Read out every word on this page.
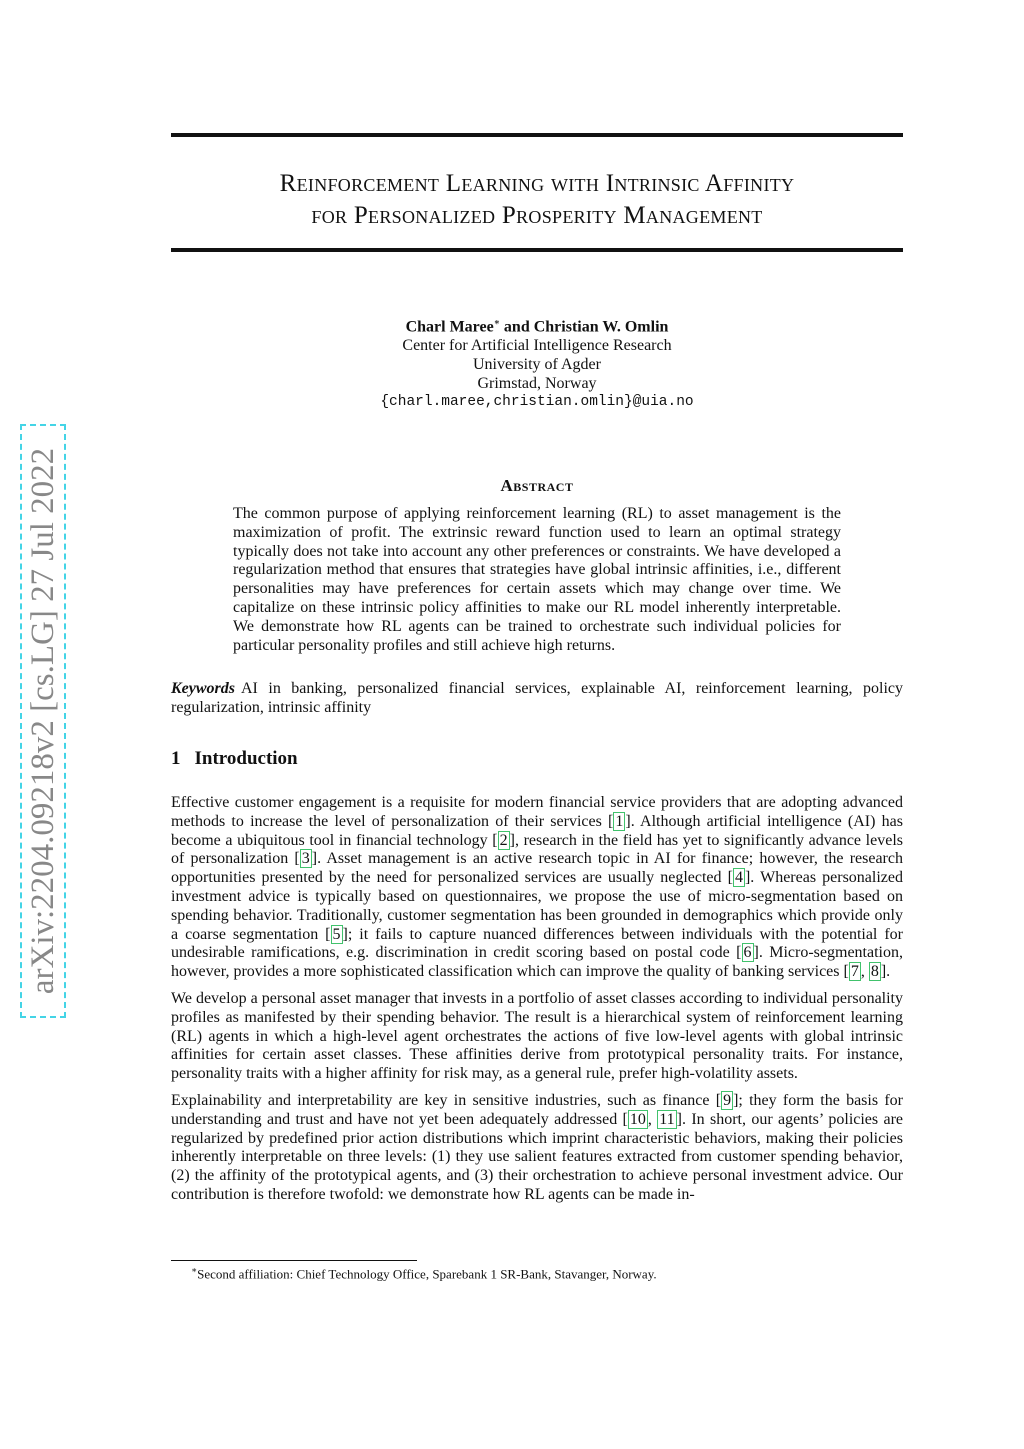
Reinforcement Learning with Intrinsic Affinity
for Personalized Prosperity Management
Charl Maree∗ and Christian W. Omlin
Center for Artificial Intelligence Research
University of Agder
Grimstad, Norway
{charl.maree,christian.omlin}@uia.no
arXiv:2204.09218v2 [cs.LG] 27 Jul 2022	Abstract
The common purpose of applying reinforcement learning (RL) to asset management is the maximization of profit. The extrinsic reward function used to learn an optimal strategy typically does not take into account any other preferences or constraints. We have developed a regularization method that ensures that strategies have global intrinsic affinities, i.e., different personalities may have preferences for certain assets which may change over time. We capitalize on these intrinsic policy affinities to make our RL model inherently interpretable. We demonstrate how RL agents can be trained to orchestrate such individual policies for particular personality profiles and still achieve high returns.
Keywords AI in banking, personalized financial services, explainable AI, reinforcement learning, policy regularization, intrinsic affinity
1 Introduction

Effective customer engagement is a requisite for modern financial service providers that are adopting advanced methods to increase the level of personalization of their services [ 1 ]. Although artificial intelligence (AI) has become a ubiquitous tool in financial technology [ 2 ], research in the field has yet to significantly advance levels of personalization [ 3 ]. Asset management is an active research topic in AI for finance; however, the research opportunities presented by the need for personalized services are usually neglected [ 4 ]. Whereas personalized investment advice is typically based on questionnaires, we propose the use of micro-segmentation based on spending behavior. Traditionally, customer segmentation has been grounded in demographics which provide only a coarse segmentation [ 5 ]; it fails to capture nuanced differences between individuals with the potential for undesirable ramifications, e.g. discrimination in credit scoring based on postal code [ 6 ]. Micro-segmentation, however, provides a more sophisticated classification which can improve the quality of banking services [ 7 , 8 ].

We develop a personal asset manager that invests in a portfolio of asset classes according to individual personality profiles as manifested by their spending behavior. The result is a hierarchical system of reinforcement learning (RL) agents in which a high-level agent orchestrates the actions of five low-level agents with global intrinsic affinities for certain asset classes. These affinities derive from prototypical personality traits. For instance, personality traits with a higher affinity for risk may, as a general rule, prefer high-volatility assets.

Explainability and interpretability are key in sensitive industries, such as finance [ 9 ]; they form the basis for understanding and trust and have not yet been adequately addressed [ 10 , 11 ]. In short, our agents’ policies are regularized by predefined prior action distributions which imprint characteristic behaviors, making their policies inherently interpretable on three levels: (1) they use salient features extracted from customer spending behavior, (2) the affinity of the prototypical agents, and (3) their orchestration to achieve personal investment advice. Our contribution is therefore twofold: we demonstrate how RL agents can be made in-

∗Second affiliation: Chief Technology Office, Sparebank 1 SR-Bank, Stavanger, Norway.
